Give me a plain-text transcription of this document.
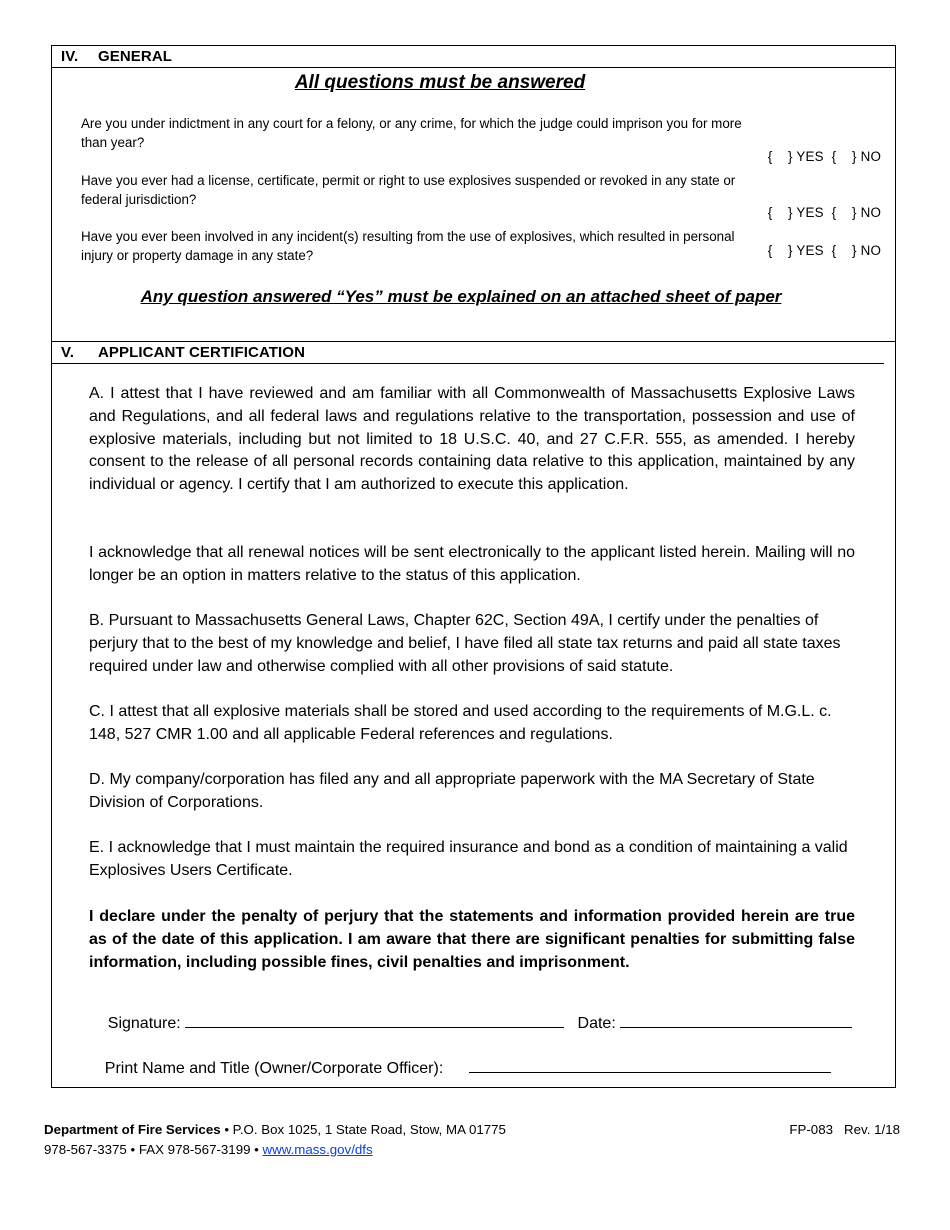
IV. GENERAL
All questions must be answered
Are you under indictment in any court for a felony, or any crime, for which the judge could imprison you for more than year?

{    } YES {    } NO

Have you ever had a license, certificate, permit or right to use explosives suspended or revoked in any state or federal jurisdiction?

{    } YES {    } NO

Have you ever been involved in any incident(s) resulting from the use of explosives, which resulted in personal injury or property damage in any state?	{    } YES {    } NO

Any question answered “Yes” must be explained on an attached sheet of paper
V. APPLICANT CERTIFICATION
A. I attest that I have reviewed and am familiar with all Commonwealth of Massachusetts Explosive Laws and Regulations, and all federal laws and regulations relative to the transportation, possession and use of explosive materials, including but not limited to 18 U.S.C. 40, and 27 C.F.R. 555, as amended. I hereby consent to the release of all personal records containing data relative to this application, maintained by any individual or agency. I certify that I am authorized to execute this application.
I acknowledge that all renewal notices will be sent electronically to the applicant listed herein. Mailing will no longer be an option in matters relative to the status of this application.
B. Pursuant to Massachusetts General Laws, Chapter 62C, Section 49A, I certify under the penalties of perjury that to the best of my knowledge and belief, I have filed all state tax returns and paid all state taxes required under law and otherwise complied with all other provisions of said statute.
C. I attest that all explosive materials shall be stored and used according to the requirements of M.G.L. c. 148, 527 CMR 1.00 and all applicable Federal references and regulations.
D. My company/corporation has filed any and all appropriate paperwork with the MA Secretary of State Division of Corporations.
E. I acknowledge that I must maintain the required insurance and bond as a condition of maintaining a valid Explosives Users Certificate.
I declare under the penalty of perjury that the statements and information provided herein are true as of the date of this application. I am aware that there are significant penalties for submitting false information, including possible fines, civil penalties and imprisonment.

Signature:	Date:

Print Name and Title (Owner/Corporate Officer):

Department of Fire Services • P.O. Box 1025, 1 State Road, Stow, MA 01775
978-567-3375 • FAX 978-567-3199 • www.mass.gov/dfs
FP-083   Rev. 1/18
